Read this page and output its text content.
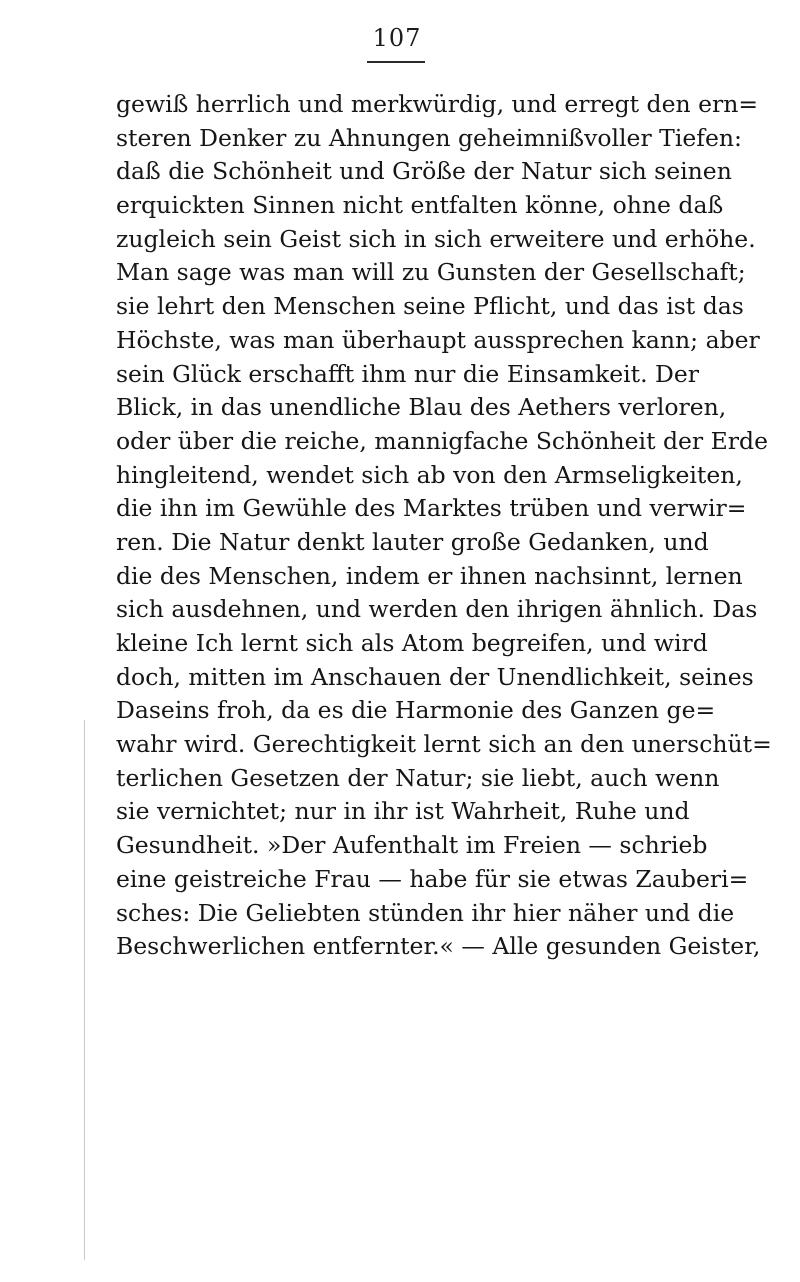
107
gewiß herrlich und merkwürdig, und erregt den ern=
steren Denker zu Ahnungen geheimnißvoller Tiefen:
daß die Schönheit und Größe der Natur sich seinen
erquickten Sinnen nicht entfalten könne, ohne daß
zugleich sein Geist sich in sich erweitere und erhöhe.
Man sage was man will zu Gunsten der Gesellschaft;
sie lehrt den Menschen seine Pflicht, und das ist das
Höchste, was man überhaupt aussprechen kann; aber
sein Glück erschafft ihm nur die Einsamkeit. Der
Blick, in das unendliche Blau des Aethers verloren,
oder über die reiche, mannigfache Schönheit der Erde
hingleitend, wendet sich ab von den Armseligkeiten,
die ihn im Gewühle des Marktes trüben und verwir=
ren. Die Natur denkt lauter große Gedanken, und
die des Menschen, indem er ihnen nachsinnt, lernen
sich ausdehnen, und werden den ihrigen ähnlich. Das
kleine Ich lernt sich als Atom begreifen, und wird
doch, mitten im Anschauen der Unendlichkeit, seines
Daseins froh, da es die Harmonie des Ganzen ge=
wahr wird. Gerechtigkeit lernt sich an den unerschüt=
terlichen Gesetzen der Natur; sie liebt, auch wenn
sie vernichtet; nur in ihr ist Wahrheit, Ruhe und
Gesundheit. »Der Aufenthalt im Freien — schrieb
eine geistreiche Frau — habe für sie etwas Zauberi=
sches: Die Geliebten stünden ihr hier näher und die
Beschwerlichen entfernter.« — Alle gesunden Geister,
